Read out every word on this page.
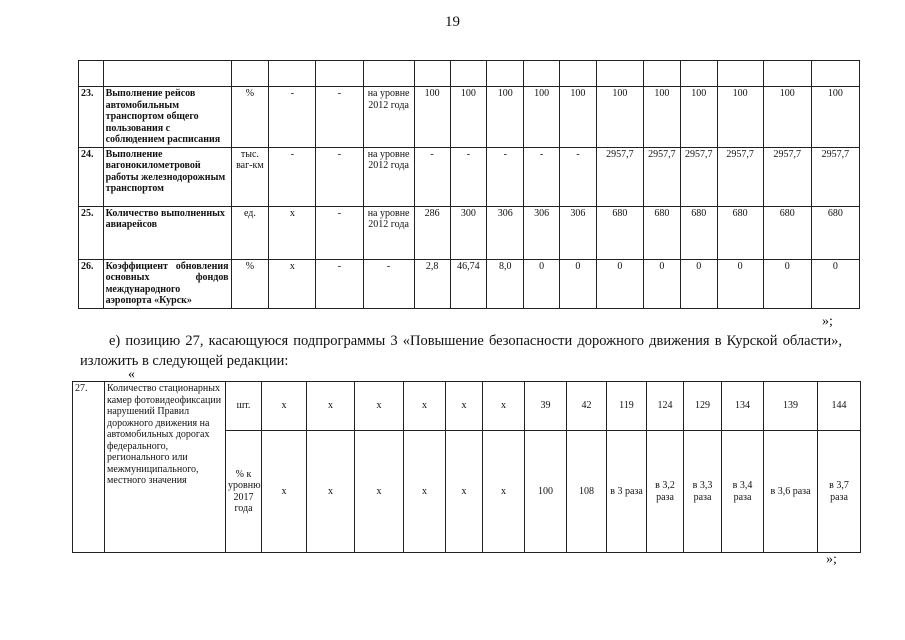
19

23.	Выполнение рейсов автомобильным транспортом общего пользования с соблюдением расписания	%	-	-	на уровне 2012 года	100	100	100	100	100	100	100	100	100	100	100
24.	Выполнение вагонокилометровой работы железнодорожным транспортом	тыс. ваг-км	-	-	на уровне 2012 года	-	-	-	-	-	2957,7	2957,7	2957,7	2957,7	2957,7	2957,7
25.	Количество выполненных авиарейсов	ед.	x	-	на уровне 2012 года	286	300	306	306	306	680	680	680	680	680	680
26.	Коэффициент обновления основных фондов международного аэропорта «Курск»	%	x	-	-	2,8	46,74	8,0	0	0	0	0	0	0	0	0
»;
е) позицию 27, касающуюся подпрограммы 3 «Повышение безопасности дорожного движения в Курской области», изложить в следующей редакции:
«
27.	Количество стационарных камер фотовидеофиксации нарушений Правил дорожного движения на автомобильных дорогах федерального, регионального или межмуниципального, местного значения	шт.	x	x	x	x	x	x	39	42	119	124	129	134	139	144
		% к уровню 2017 года	x	x	x	x	x	x	100	108	в 3 раза	в 3,2 раза	в 3,3 раза	в 3,4 раза	в 3,6 раза	в 3,7 раза
»;
